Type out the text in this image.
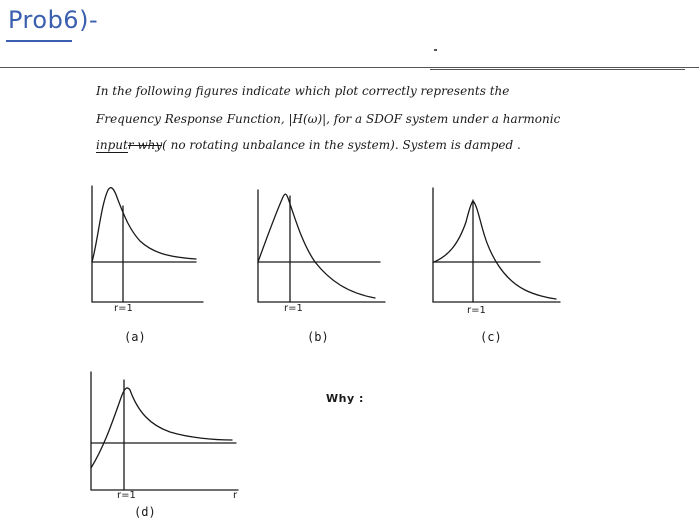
Prob6)-
In the following figures indicate which plot correctly represents the
Frequency Response Function, |H(ω)|, for a SDOF system under a harmonic
inputr why( no rotating unbalance in the system). System is damped .
r=1	r=1	r=1
r=1	r
(a)	(b)	(c)
(d)
Why :
